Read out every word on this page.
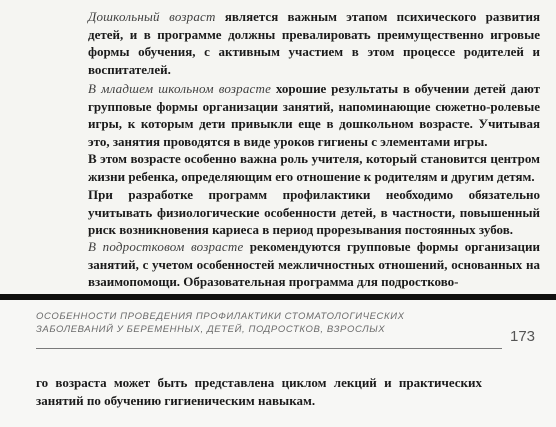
Дошкольный возраст является важным этапом психического развития детей, и в программе должны превалировать преимущественно игровые формы обучения, с активным участием в этом процессе родителей и воспитателей.

В младшем школьном возрасте хорошие результаты в обучении детей дают групповые формы организации занятий, напоминающие сюжетно-ролевые игры, к которым дети привыкли еще в дошкольном возрасте. Учитывая это, занятия проводятся в виде уроков гигиены с элементами игры.

В этом возрасте особенно важна роль учителя, который становится центром жизни ребенка, определяющим его отношение к родителям и другим детям.

При разработке программ профилактики необходимо обязательно учитывать физиологические особенности детей, в частности, повышенный риск возникновения кариеса в период прорезывания постоянных зубов.

В подростковом возрасте рекомендуются групповые формы организации занятий, с учетом особенностей межличностных отношений, основанных на взаимопомощи. Образовательная программа для подростково-

ОСОБЕННОСТИ ПРОВЕДЕНИЯ ПРОФИЛАКТИКИ СТОМАТОЛОГИЧЕСКИХ
ЗАБОЛЕВАНИЙ У БЕРЕМЕННЫХ, ДЕТЕЙ, ПОДРОСТКОВ, ВЗРОСЛЫХ	173

го возраста может быть представлена циклом лекций и практических занятий по обучению гигиеническим навыкам.
